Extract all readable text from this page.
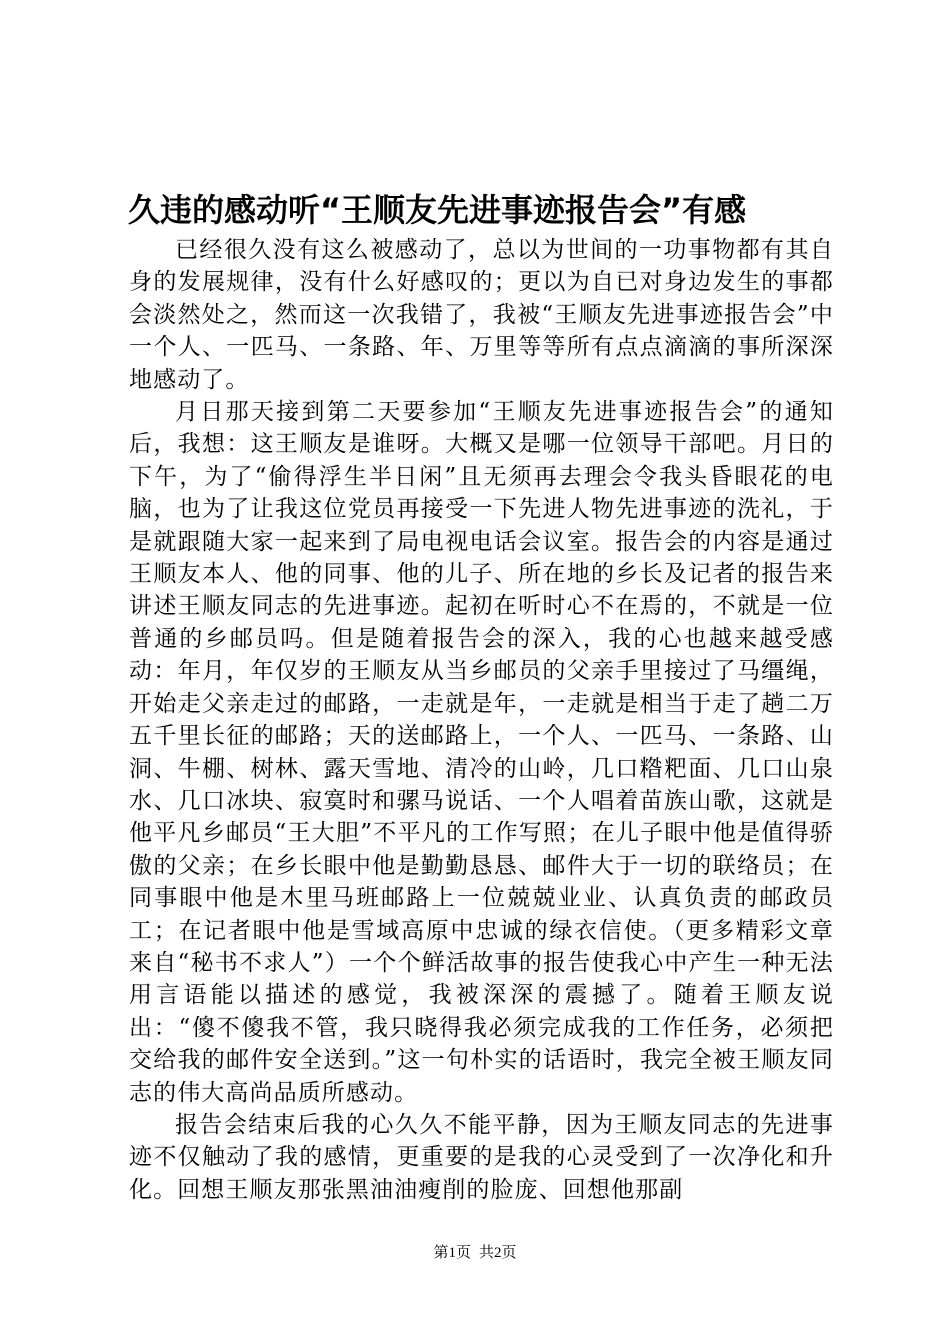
久违的感动听“王顺友先进事迹报告会”有感

已经很久没有这么被感动了，总以为世间的一功事物都有其自身的发展规律，没有什么好感叹的；更以为自已对身边发生的事都会淡然处之，然而这一次我错了，我被“王顺友先进事迹报告会”中一个人、一匹马、一条路、年、万里等等所有点点滴滴的事所深深地感动了。

月日那天接到第二天要参加“王顺友先进事迹报告会”的通知后，我想：这王顺友是谁呀。大概又是哪一位领导干部吧。月日的下午，为了“偷得浮生半日闲”且无须再去理会令我头昏眼花的电脑，也为了让我这位党员再接受一下先进人物先进事迹的洗礼，于是就跟随大家一起来到了局电视电话会议室。报告会的内容是通过王顺友本人、他的同事、他的儿子、所在地的乡长及记者的报告来讲述王顺友同志的先进事迹。起初在听时心不在焉的，不就是一位普通的乡邮员吗。但是随着报告会的深入，我的心也越来越受感动：年月，年仅岁的王顺友从当乡邮员的父亲手里接过了马缰绳，开始走父亲走过的邮路，一走就是年，一走就是相当于走了趟二万五千里长征的邮路；天的送邮路上，一个人、一匹马、一条路、山洞、牛棚、树林、露天雪地、清冷的山岭，几口糌粑面、几口山泉水、几口冰块、寂寞时和骡马说话、一个人唱着苗族山歌，这就是他平凡乡邮员“王大胆”不平凡的工作写照；在儿子眼中他是值得骄傲的父亲；在乡长眼中他是勤勤恳恳、邮件大于一切的联络员；在同事眼中他是木里马班邮路上一位兢兢业业、认真负责的邮政员工；在记者眼中他是雪域高原中忠诚的绿衣信使。（更多精彩文章来自“秘书不求人”）一个个鲜活故事的报告使我心中产生一种无法用言语能以描述的感觉，我被深深的震撼了。随着王顺友说出：“傻不傻我不管，我只晓得我必须完成我的工作任务，必须把交给我的邮件安全送到。”这一句朴实的话语时，我完全被王顺友同志的伟大高尚品质所感动。

报告会结束后我的心久久不能平静，因为王顺友同志的先进事迹不仅触动了我的感情，更重要的是我的心灵受到了一次净化和升化。回想王顺友那张黑油油瘦削的脸庞、回想他那副

第1页 共2页
